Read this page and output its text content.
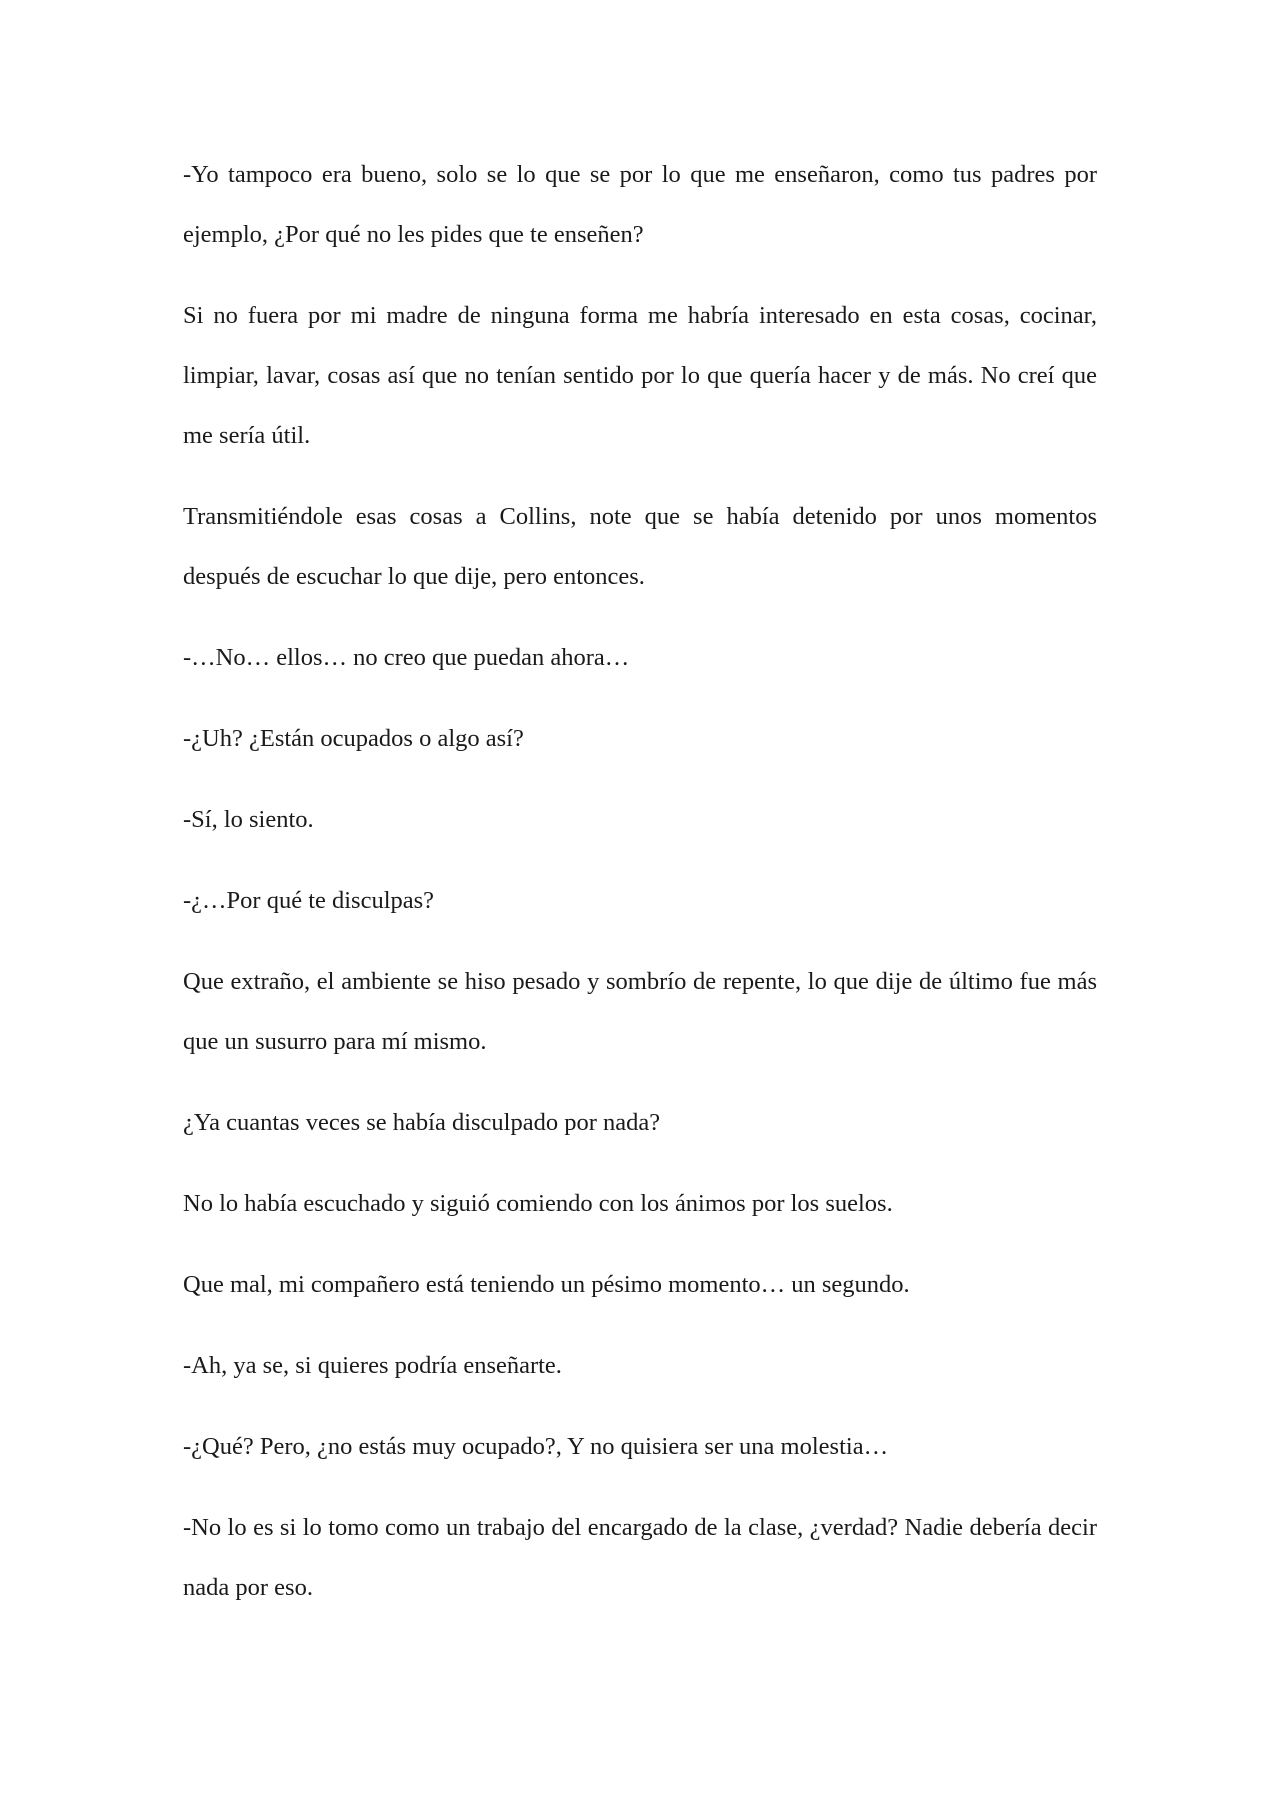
-Yo tampoco era bueno, solo se lo que se por lo que me enseñaron, como tus padres por ejemplo, ¿Por qué no les pides que te enseñen?

Si no fuera por mi madre de ninguna forma me habría interesado en esta cosas, cocinar, limpiar, lavar, cosas así que no tenían sentido por lo que quería hacer y de más. No creí que me sería útil.

Transmitiéndole esas cosas a Collins, note que se había detenido por unos momentos después de escuchar lo que dije, pero entonces.

-…No… ellos… no creo que puedan ahora…

-¿Uh? ¿Están ocupados o algo así?

-Sí, lo siento.

-¿…Por qué te disculpas?

Que extraño, el ambiente se hiso pesado y sombrío de repente, lo que dije de último fue más que un susurro para mí mismo.

¿Ya cuantas veces se había disculpado por nada?

No lo había escuchado y siguió comiendo con los ánimos por los suelos.

Que mal, mi compañero está teniendo un pésimo momento… un segundo.

-Ah, ya se, si quieres podría enseñarte.

-¿Qué? Pero, ¿no estás muy ocupado?, Y no quisiera ser una molestia…

-No lo es si lo tomo como un trabajo del encargado de la clase, ¿verdad? Nadie debería decir nada por eso.
